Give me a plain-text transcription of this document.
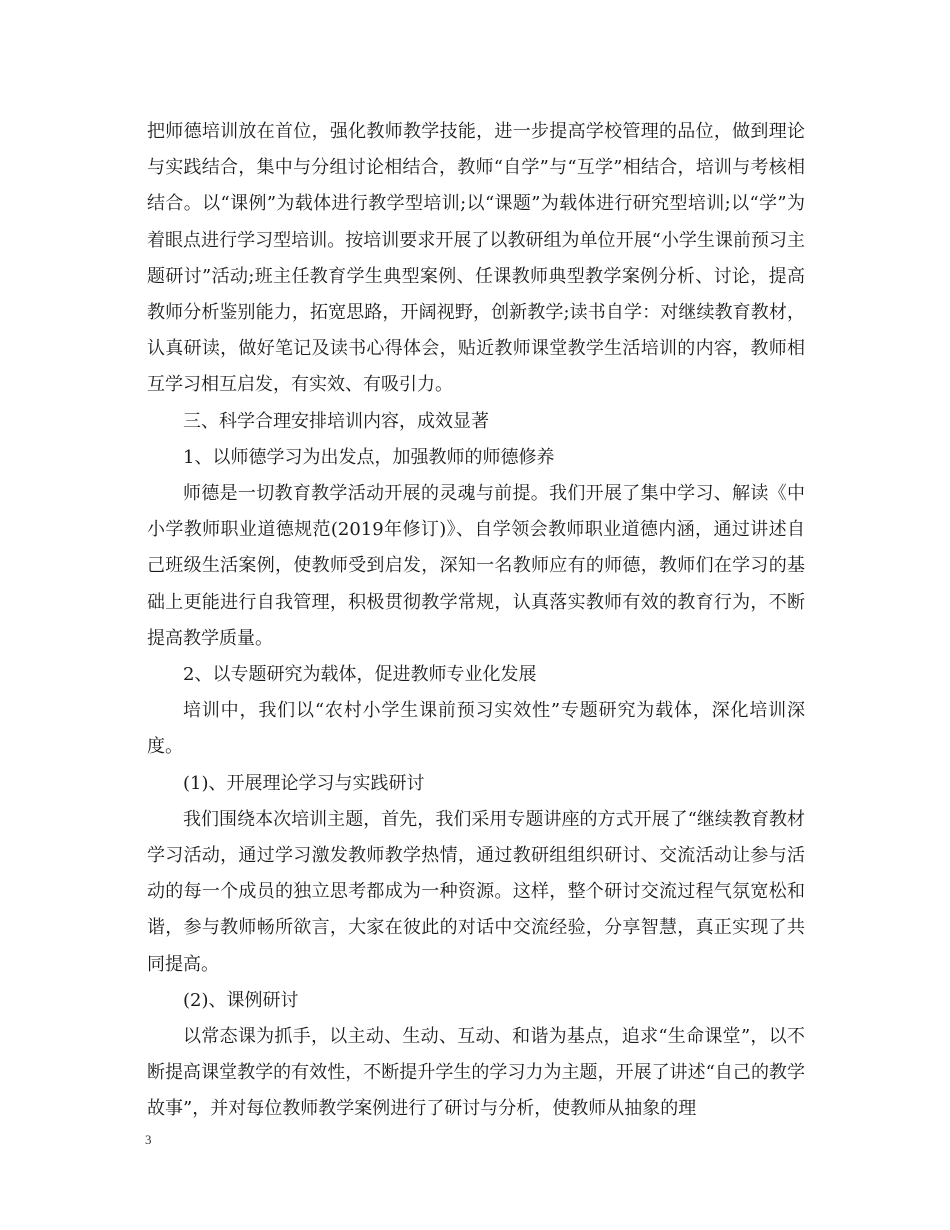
把师德培训放在首位，强化教师教学技能，进一步提高学校管理的品位，做到理论与实践结合，集中与分组讨论相结合，教师“自学”与“互学”相结合，培训与考核相结合。以“课例”为载体进行教学型培训;以“课题”为载体进行研究型培训;以“学”为着眼点进行学习型培训。按培训要求开展了以教研组为单位开展“小学生课前预习主题研讨”活动;班主任教育学生典型案例、任课教师典型教学案例分析、讨论，提高教师分析鉴别能力，拓宽思路，开阔视野，创新教学;读书自学：对继续教育教材，认真研读，做好笔记及读书心得体会，贴近教师课堂教学生活培训的内容，教师相互学习相互启发，有实效、有吸引力。

三、科学合理安排培训内容，成效显著

1、以师德学习为出发点，加强教师的师德修养

师德是一切教育教学活动开展的灵魂与前提。我们开展了集中学习、解读《中小学教师职业道德规范(2019年修订)》、自学领会教师职业道德内涵，通过讲述自己班级生活案例，使教师受到启发，深知一名教师应有的师德，教师们在学习的基础上更能进行自我管理，积极贯彻教学常规，认真落实教师有效的教育行为，不断提高教学质量。

2、以专题研究为载体，促进教师专业化发展

培训中，我们以“农村小学生课前预习实效性”专题研究为载体，深化培训深度。

(1)、开展理论学习与实践研讨

我们围绕本次培训主题，首先，我们采用专题讲座的方式开展了“继续教育教材学习活动，通过学习激发教师教学热情，通过教研组组织研讨、交流活动让参与活动的每一个成员的独立思考都成为一种资源。这样，整个研讨交流过程气氛宽松和谐，参与教师畅所欲言，大家在彼此的对话中交流经验，分享智慧，真正实现了共同提高。

(2)、课例研讨

以常态课为抓手，以主动、生动、互动、和谐为基点，追求“生命课堂”，以不断提高课堂教学的有效性，不断提升学生的学习力为主题，开展了讲述“自己的教学故事”，并对每位教师教学案例进行了研讨与分析，使教师从抽象的理

3
